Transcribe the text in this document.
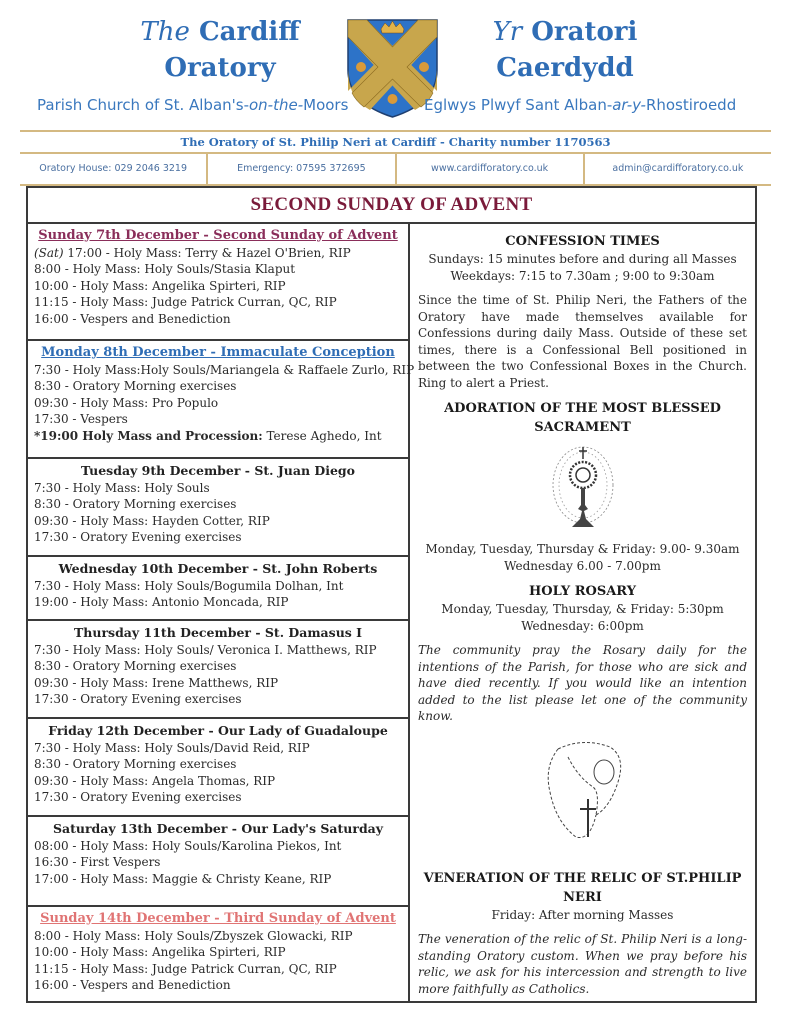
The Cardiff
Oratory
Parish Church of St. Alban's-on-the-Moors
Yr Oratori
Caerdydd
Eglwys Plwyf Sant Alban-ar-y-Rhostiroedd
The Oratory of St. Philip Neri at Cardiff - Charity number 1170563
Oratory House: 029 2046 3219	Emergency: 07595 372695	www.cardifforatory.co.uk	admin@cardifforatory.co.uk
SECOND SUNDAY OF ADVENT
Sunday 7th December - Second Sunday of Advent
(Sat) 17:00 - Holy Mass: Terry & Hazel O'Brien, RIP
8:00 - Holy Mass: Holy Souls/Stasia Klaput
10:00 - Holy Mass: Angelika Spirteri, RIP
11:15 - Holy Mass: Judge Patrick Curran, QC, RIP
16:00 - Vespers and Benediction
Monday 8th December - Immaculate Conception
7:30 - Holy Mass:Holy Souls/Mariangela & Raffaele Zurlo, RIP
8:30 - Oratory Morning exercises
09:30 - Holy Mass: Pro Populo
17:30 - Vespers
*19:00 Holy Mass and Procession: Terese Aghedo, Int
Tuesday 9th December - St. Juan Diego
7:30 - Holy Mass: Holy Souls
8:30 - Oratory Morning exercises
09:30 - Holy Mass: Hayden Cotter, RIP
17:30 - Oratory Evening exercises
Wednesday 10th December - St. John Roberts
7:30 - Holy Mass: Holy Souls/Bogumila Dolhan, Int
19:00 - Holy Mass: Antonio Moncada, RIP
Thursday 11th December - St. Damasus I
7:30 - Holy Mass: Holy Souls/ Veronica I. Matthews, RIP
8:30 - Oratory Morning exercises
09:30 - Holy Mass: Irene Matthews, RIP
17:30 - Oratory Evening exercises
Friday 12th December - Our Lady of Guadaloupe
7:30 - Holy Mass: Holy Souls/David Reid, RIP
8:30 - Oratory Morning exercises
09:30 - Holy Mass: Angela Thomas, RIP
17:30 - Oratory Evening exercises
Saturday 13th December - Our Lady's Saturday
08:00 - Holy Mass: Holy Souls/Karolina Piekos, Int
16:30 - First Vespers
17:00 - Holy Mass: Maggie & Christy Keane, RIP
Sunday 14th December - Third Sunday of Advent
8:00 - Holy Mass: Holy Souls/Zbyszek Glowacki, RIP
10:00 - Holy Mass: Angelika Spirteri, RIP
11:15 - Holy Mass: Judge Patrick Curran, QC, RIP
16:00 - Vespers and Benediction
CONFESSION TIMES
Sundays: 15 minutes before and during all Masses
Weekdays: 7:15 to 7.30am ; 9:00 to 9:30am
Since the time of St. Philip Neri, the Fathers of the Oratory have made themselves available for Confessions during daily Mass. Outside of these set times, there is a Confessional Bell positioned in between the two Confessional Boxes in the Church. Ring to alert a Priest.
ADORATION OF THE MOST BLESSED SACRAMENT
Monday, Tuesday, Thursday & Friday: 9.00- 9.30am
Wednesday 6.00 - 7.00pm
HOLY ROSARY
Monday, Tuesday, Thursday, & Friday: 5:30pm
Wednesday: 6:00pm
The community pray the Rosary daily for the intentions of the Parish, for those who are sick and have died recently. If you would like an intention added to the list please let one of the community know.
VENERATION OF THE RELIC OF ST.PHILIP NERI
Friday: After morning Masses
The veneration of the relic of St. Philip Neri is a long-standing Oratory custom. When we pray before his relic, we ask for his intercession and strength to live more faithfully as Catholics.
